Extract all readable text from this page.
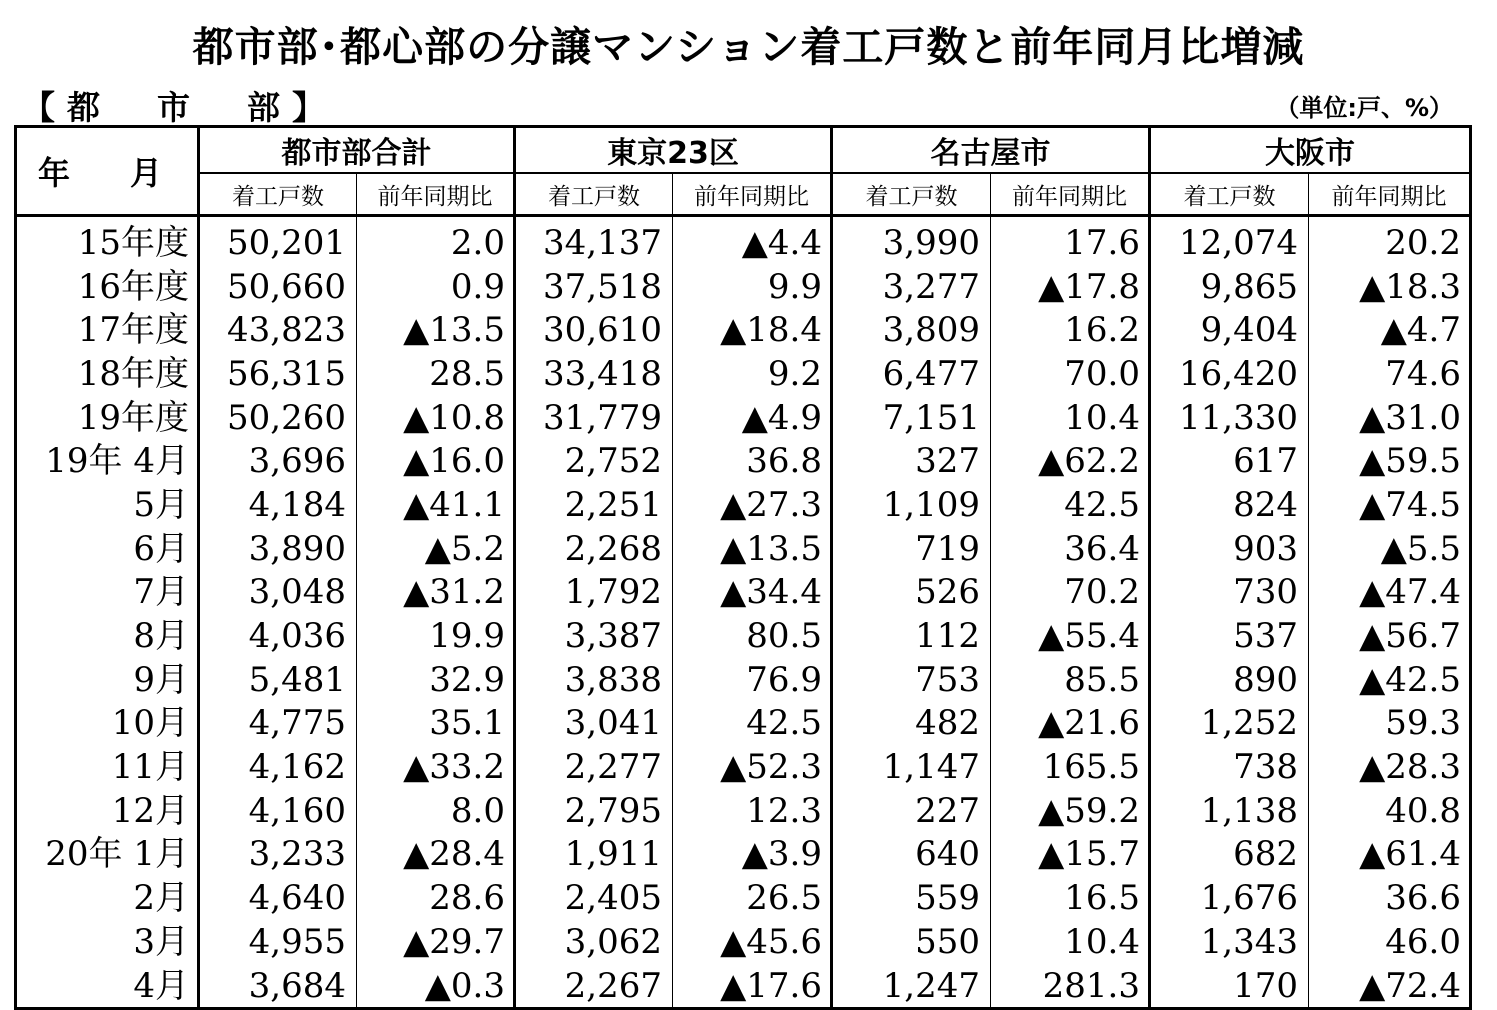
都市部･都心部の分譲マンション着工戸数と前年同月比増減
【都　市　部】	（単位:戸、%）
年　月	都市部合計		東京23区		名古屋市		大阪市	
	着工戸数	前年同期比	着工戸数	前年同期比	着工戸数	前年同期比	着工戸数	前年同期比
15年度	50,201	2.0	34,137	▲4.4	3,990	17.6	12,074	20.2
16年度	50,660	0.9	37,518	9.9	3,277	▲17.8	9,865	▲18.3
17年度	43,823	▲13.5	30,610	▲18.4	3,809	16.2	9,404	▲4.7
18年度	56,315	28.5	33,418	9.2	6,477	70.0	16,420	74.6
19年度	50,260	▲10.8	31,779	▲4.9	7,151	10.4	11,330	▲31.0
19年 4月	3,696	▲16.0	2,752	36.8	327	▲62.2	617	▲59.5
5月	4,184	▲41.1	2,251	▲27.3	1,109	42.5	824	▲74.5
6月	3,890	▲5.2	2,268	▲13.5	719	36.4	903	▲5.5
7月	3,048	▲31.2	1,792	▲34.4	526	70.2	730	▲47.4
8月	4,036	19.9	3,387	80.5	112	▲55.4	537	▲56.7
9月	5,481	32.9	3,838	76.9	753	85.5	890	▲42.5
10月	4,775	35.1	3,041	42.5	482	▲21.6	1,252	59.3
11月	4,162	▲33.2	2,277	▲52.3	1,147	165.5	738	▲28.3
12月	4,160	8.0	2,795	12.3	227	▲59.2	1,138	40.8
20年 1月	3,233	▲28.4	1,911	▲3.9	640	▲15.7	682	▲61.4
2月	4,640	28.6	2,405	26.5	559	16.5	1,676	36.6
3月	4,955	▲29.7	3,062	▲45.6	550	10.4	1,343	46.0
4月	3,684	▲0.3	2,267	▲17.6	1,247	281.3	170	▲72.4
